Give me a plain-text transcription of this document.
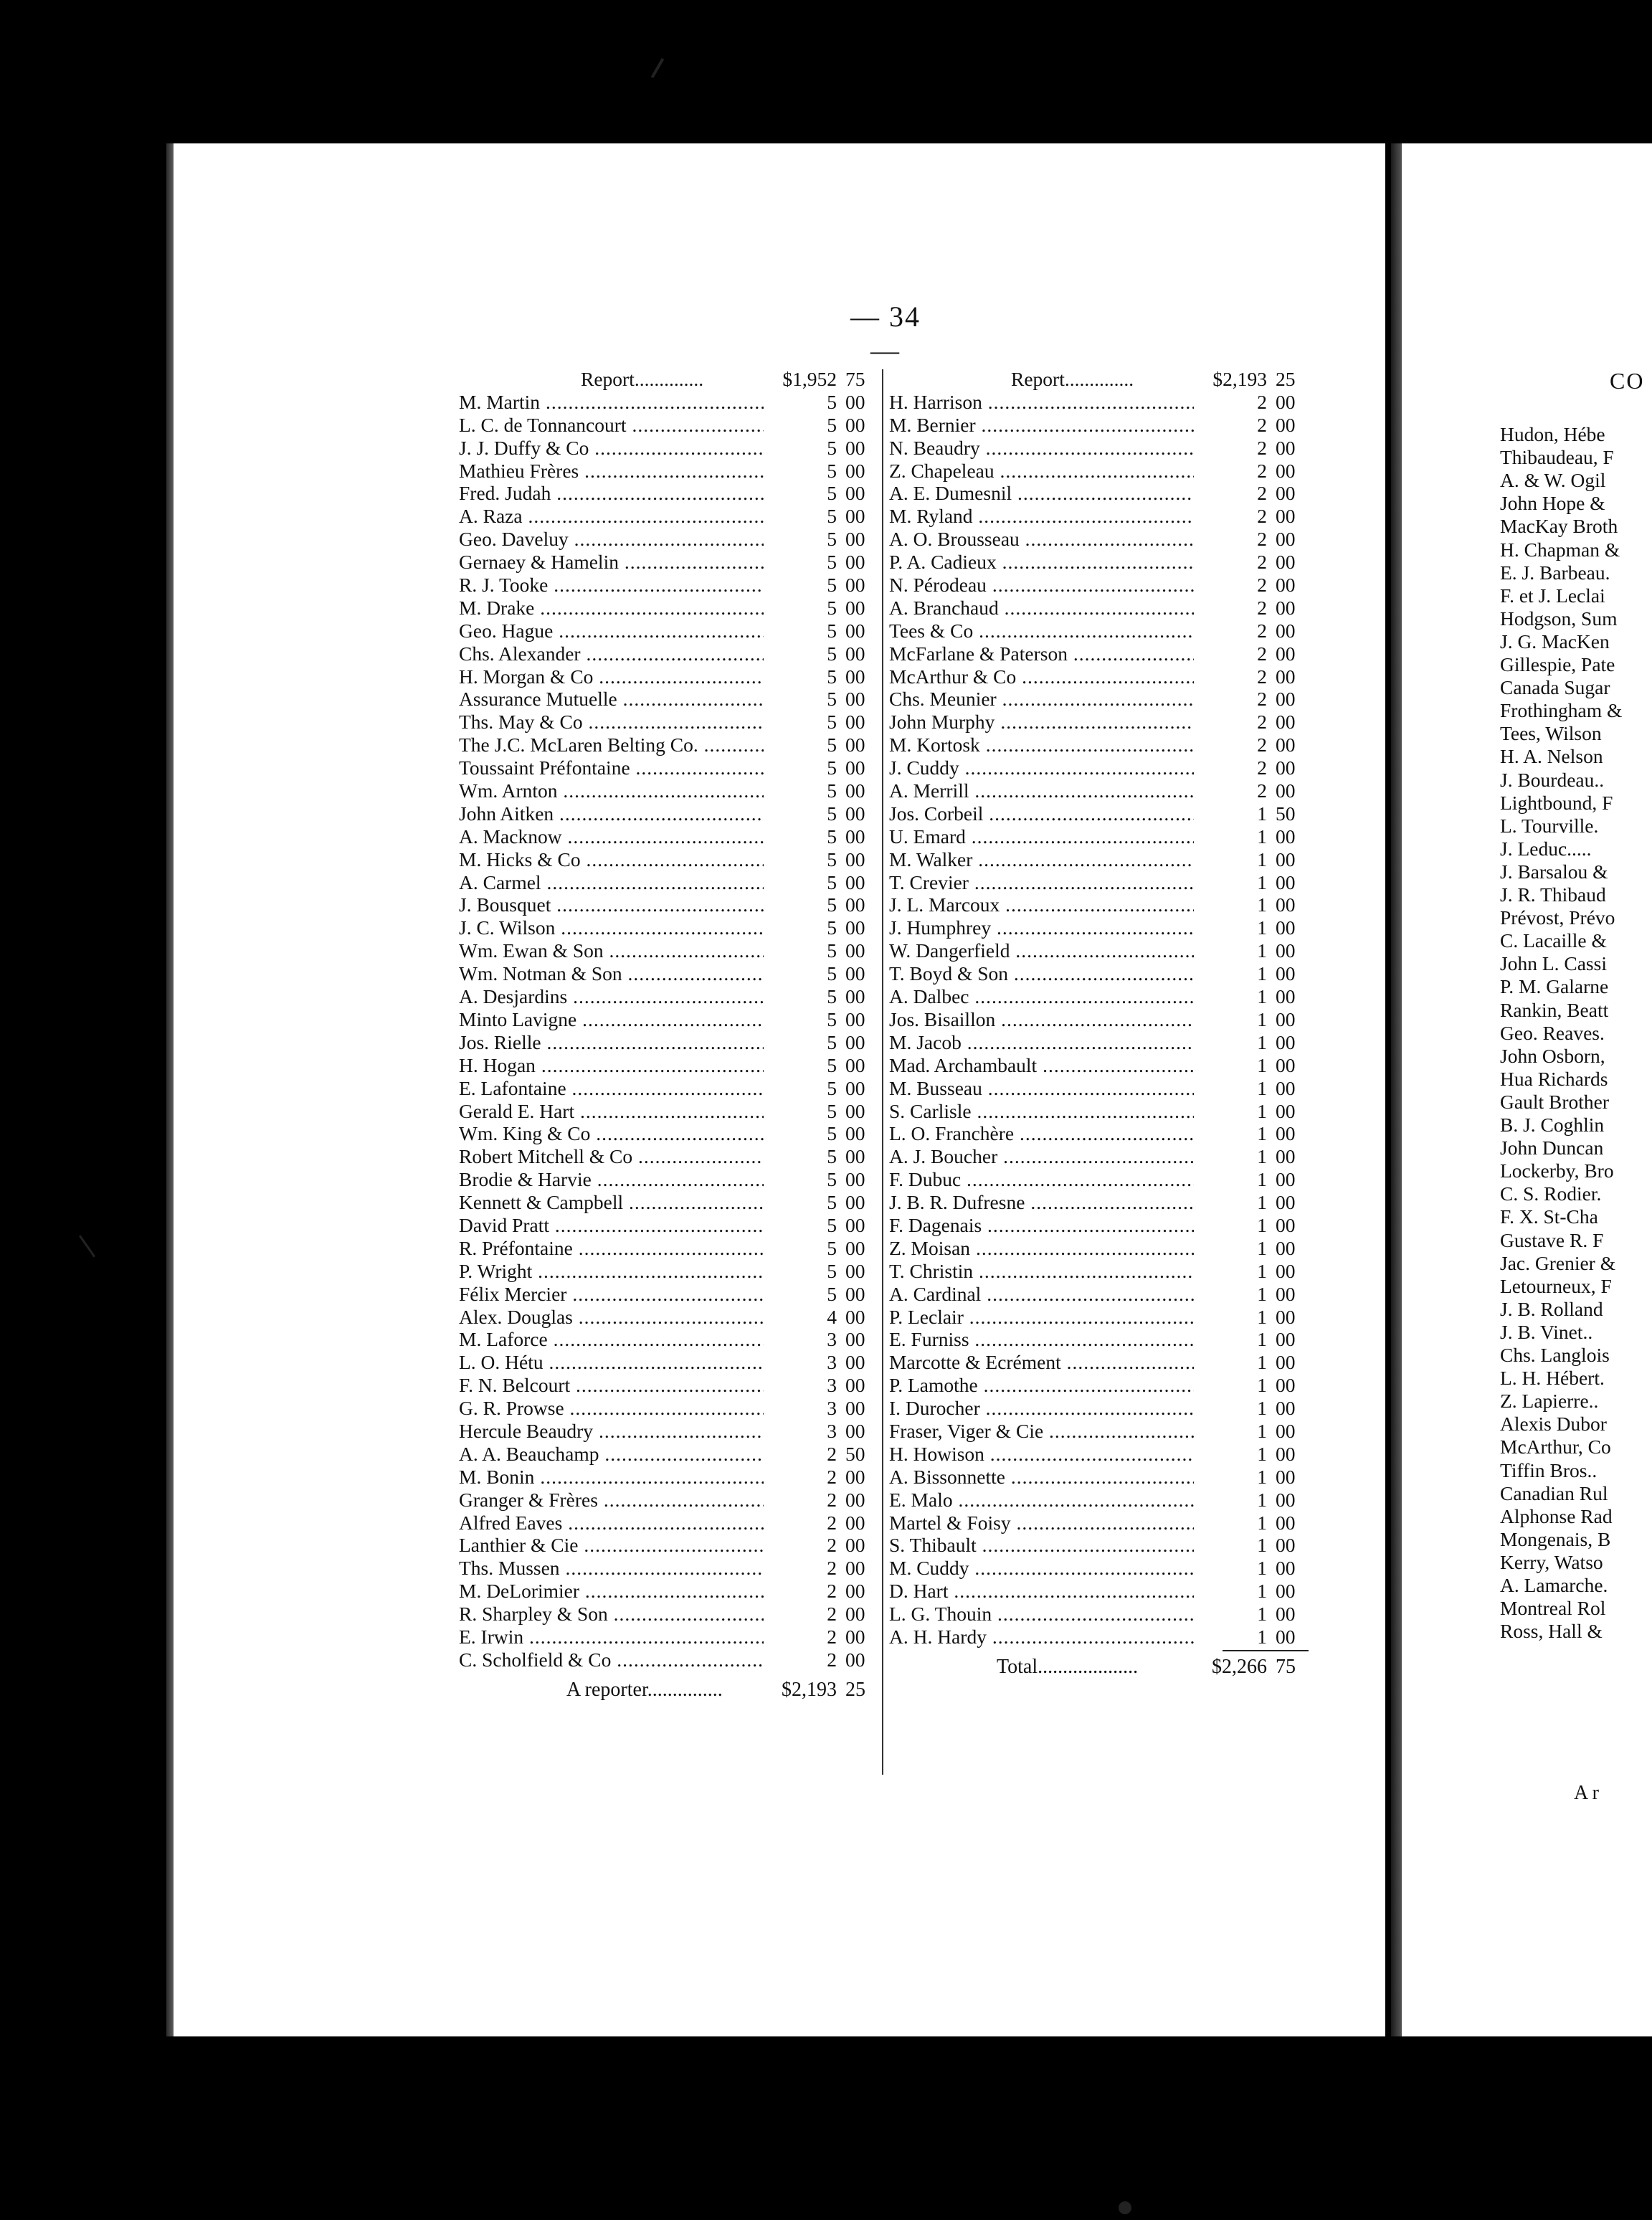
— 34 —
Report..............	$1,952 75
M. Martin .....	5 00
L. C. de Tonnancourt .....	5 00
J. J. Duffy & Co .....	5 00
Mathieu Frères .....	5 00
Fred. Judah .....	5 00
A. Raza .....	5 00
Geo. Daveluy .....	5 00
Gernaey & Hamelin .....	5 00
R. J. Tooke .....	5 00
M. Drake .....	5 00
Geo. Hague .....	5 00
Chs. Alexander .....	5 00
H. Morgan & Co .....	5 00
Assurance Mutuelle .....	5 00
Ths. May & Co .....	5 00
The J.C. McLaren Belting Co. .....	5 00
Toussaint Préfontaine .....	5 00
Wm. Arnton .....	5 00
John Aitken .....	5 00
A. Macknow .....	5 00
M. Hicks & Co .....	5 00
A. Carmel .....	5 00
J. Bousquet .....	5 00
J. C. Wilson .....	5 00
Wm. Ewan & Son .....	5 00
Wm. Notman & Son .....	5 00
A. Desjardins .....	5 00
Minto Lavigne .....	5 00
Jos. Rielle .....	5 00
H. Hogan .....	5 00
E. Lafontaine .....	5 00
Gerald E. Hart .....	5 00
Wm. King & Co .....	5 00
Robert Mitchell & Co .....	5 00
Brodie & Harvie .....	5 00
Kennett & Campbell .....	5 00
David Pratt .....	5 00
R. Préfontaine .....	5 00
P. Wright .....	5 00
Félix Mercier .....	5 00
Alex. Douglas .....	4 00
M. Laforce .....	3 00
L. O. Hétu .....	3 00
F. N. Belcourt .....	3 00
G. R. Prowse .....	3 00
Hercule Beaudry .....	3 00
A. A. Beauchamp .....	2 50
M. Bonin .....	2 00
Granger & Frères .....	2 00
Alfred Eaves .....	2 00
Lanthier & Cie .....	2 00
Ths. Mussen .....	2 00
M. DeLorimier .....	2 00
R. Sharpley & Son .....	2 00
E. Irwin .....	2 00
C. Scholfield & Co .....	2 00
A reporter...............	$2,193 25
Report..............	$2,193 25
H. Harrison .....	2 00
M. Bernier .....	2 00
N. Beaudry .....	2 00
Z. Chapeleau .....	2 00
A. E. Dumesnil .....	2 00
M. Ryland .....	2 00
A. O. Brousseau .....	2 00
P. A. Cadieux .....	2 00
N. Pérodeau .....	2 00
A. Branchaud .....	2 00
Tees & Co .....	2 00
McFarlane & Paterson .....	2 00
McArthur & Co .....	2 00
Chs. Meunier .....	2 00
John Murphy .....	2 00
M. Kortosk .....	2 00
J. Cuddy .....	2 00
A. Merrill .....	2 00
Jos. Corbeil .....	1 50
U. Emard .....	1 00
M. Walker .....	1 00
T. Crevier .....	1 00
J. L. Marcoux .....	1 00
J. Humphrey .....	1 00
W. Dangerfield .....	1 00
T. Boyd & Son .....	1 00
A. Dalbec .....	1 00
Jos. Bisaillon .....	1 00
M. Jacob .....	1 00
Mad. Archambault .....	1 00
M. Busseau .....	1 00
S. Carlisle .....	1 00
L. O. Franchère .....	1 00
A. J. Boucher .....	1 00
F. Dubuc .....	1 00
J. B. R. Dufresne .....	1 00
F. Dagenais .....	1 00
Z. Moisan .....	1 00
T. Christin .....	1 00
A. Cardinal .....	1 00
P. Leclair .....	1 00
E. Furniss .....	1 00
Marcotte & Ecrément .....	1 00
P. Lamothe .....	1 00
I. Durocher .....	1 00
Fraser, Viger & Cie .....	1 00
H. Howison .....	1 00
A. Bissonnette .....	1 00
E. Malo .....	1 00
Martel & Foisy .....	1 00
S. Thibault .....	1 00
M. Cuddy .....	1 00
D. Hart .....	1 00
L. G. Thouin .....	1 00
A. H. Hardy .....	1 00
Total....................	$2,266 75
CO
Hudon, Hébe
Thibaudeau, F
A. & W. Ogil
John Hope &
MacKay Broth
H. Chapman &
E. J. Barbeau.
F. et J. Leclai
Hodgson, Sum
J. G. MacKen
Gillespie, Pate
Canada Sugar
Frothingham &
Tees, Wilson
H. A. Nelson
J. Bourdeau..
Lightbound, F
L. Tourville.
J. Leduc.....
J. Barsalou &
J. R. Thibaud
Prévost, Prévo
C. Lacaille &
John L. Cassi
P. M. Galarne
Rankin, Beatt
Geo. Reaves.
John Osborn,
Hua Richards
Gault Brother
B. J. Coghlin
John Duncan
Lockerby, Bro
C. S. Rodier.
F. X. St-Cha
Gustave R. F
Jac. Grenier &
Letourneux, F
J. B. Rolland
J. B. Vinet..
Chs. Langlois
L. H. Hébert.
Z. Lapierre..
Alexis Dubor
McArthur, Co
Tiffin Bros..
Canadian Rul
Alphonse Rad
Mongenais, B
Kerry, Watso
A. Lamarche.
Montreal Rol
Ross, Hall &
A r
